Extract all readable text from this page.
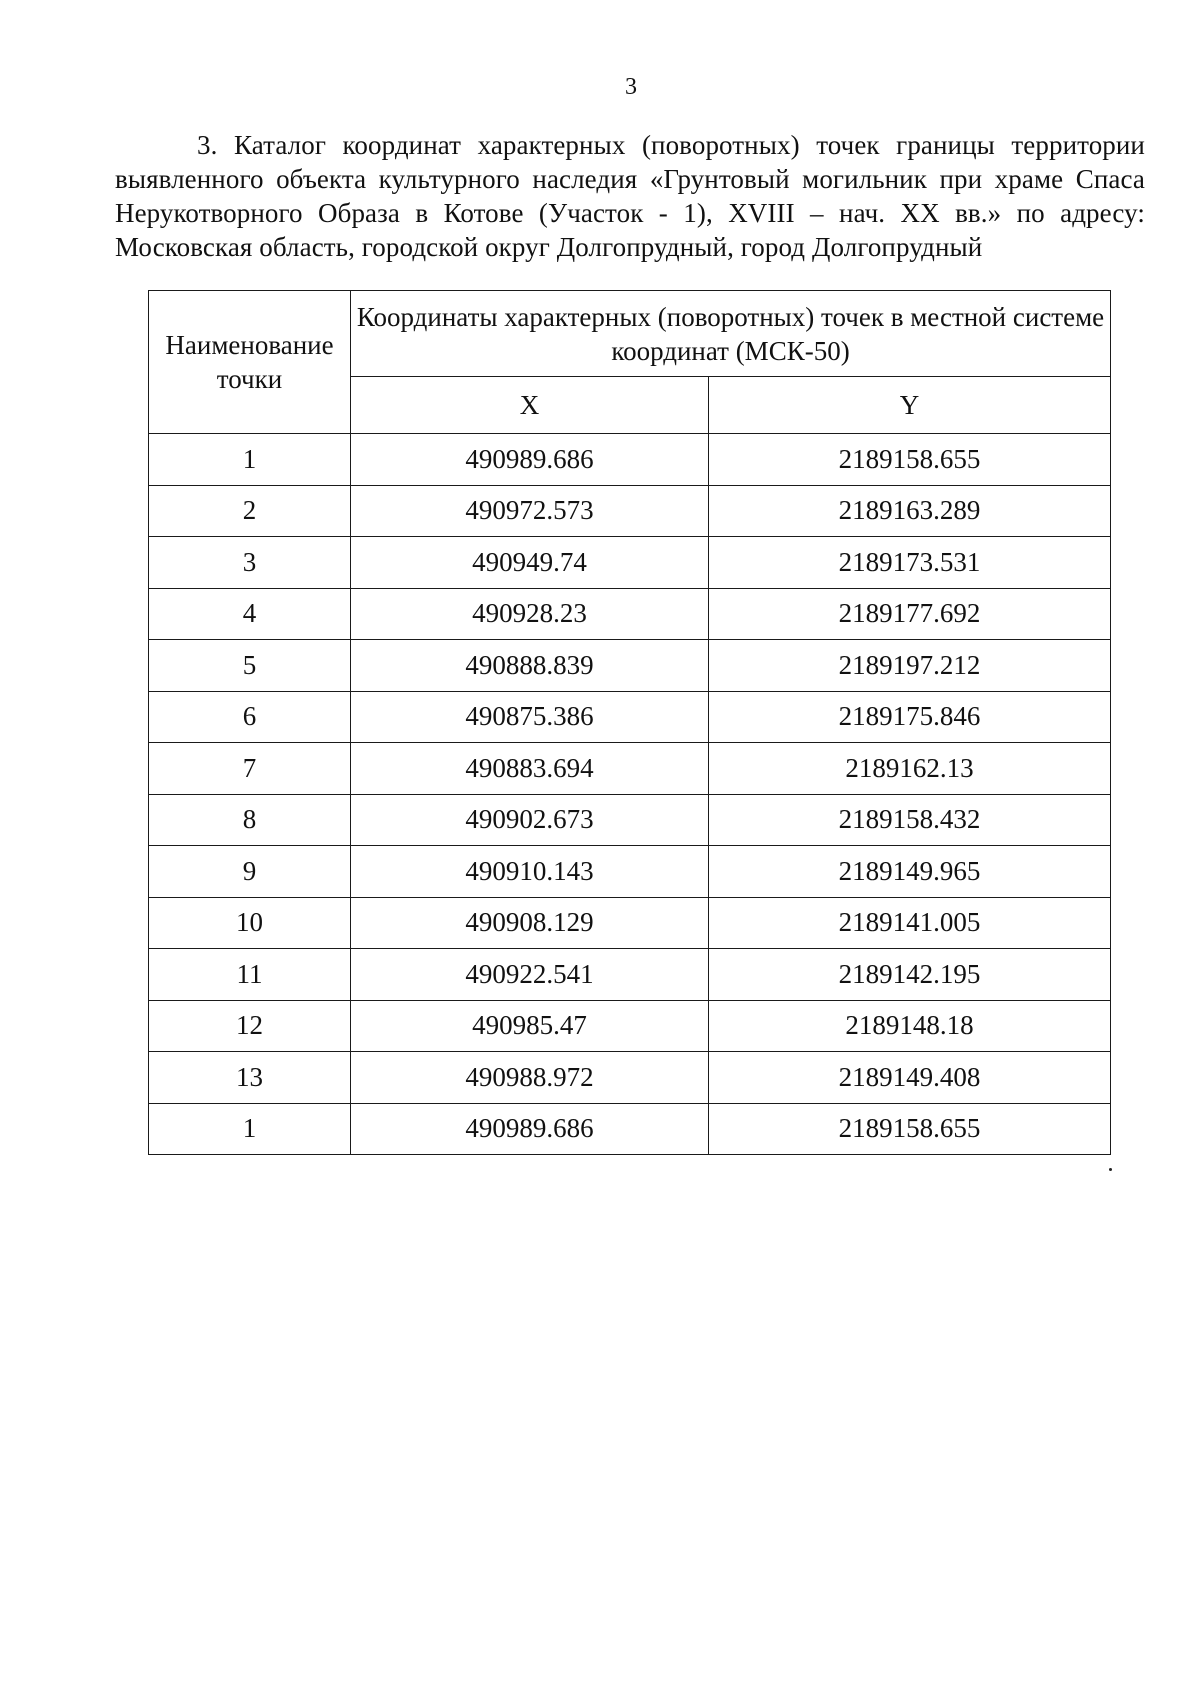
3
3. Каталог координат характерных (поворотных) точек границы территории выявленного объекта культурного наследия «Грунтовый могильник при храме Спаса Нерукотворного Образа в Котове (Участок - 1), XVIII – нач. XX вв.» по адресу: Московская область, городской округ Долгопрудный, город Долгопрудный
Наименование точки	Координаты характерных (поворотных) точек в местной системе координат (МСК-50)	
	X	Y
1	490989.686	2189158.655
2	490972.573	2189163.289
3	490949.74	2189173.531
4	490928.23	2189177.692
5	490888.839	2189197.212
6	490875.386	2189175.846
7	490883.694	2189162.13
8	490902.673	2189158.432
9	490910.143	2189149.965
10	490908.129	2189141.005
11	490922.541	2189142.195
12	490985.47	2189148.18
13	490988.972	2189149.408
1	490989.686	2189158.655
